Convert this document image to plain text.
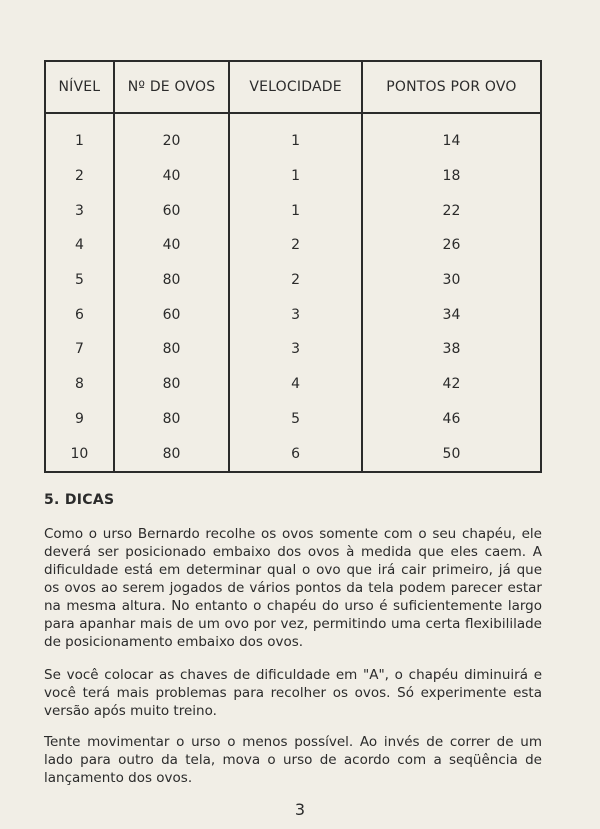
NÍVEL	Nº DE OVOS	VELOCIDADE	PONTOS POR OVO
1	20	1	14
2	40	1	18
3	60	1	22
4	40	2	26
5	80	2	30
6	60	3	34
7	80	3	38
8	80	4	42
9	80	5	46
10	80	6	50
5. DICAS

Como o urso Bernardo recolhe os ovos somente com o seu chapéu, ele deverá ser posicionado embaixo dos ovos à medida que eles caem. A dificuldade está em determinar qual o ovo que irá cair primeiro, já que os ovos ao serem jogados de vários pontos da tela podem parecer estar na mesma altura. No entanto o chapéu do urso é suficientemente largo para apanhar mais de um ovo por vez, permitindo uma certa flexibililade de posicionamento embaixo dos ovos.

Se você colocar as chaves de dificuldade em "A", o chapéu diminuirá e você terá mais problemas para recolher os ovos. Só experimente esta versão após muito treino.

Tente movimentar o urso o menos possível. Ao invés de correr de um lado para outro da tela, mova o urso de acordo com a seqüência de lançamento dos ovos.

3
